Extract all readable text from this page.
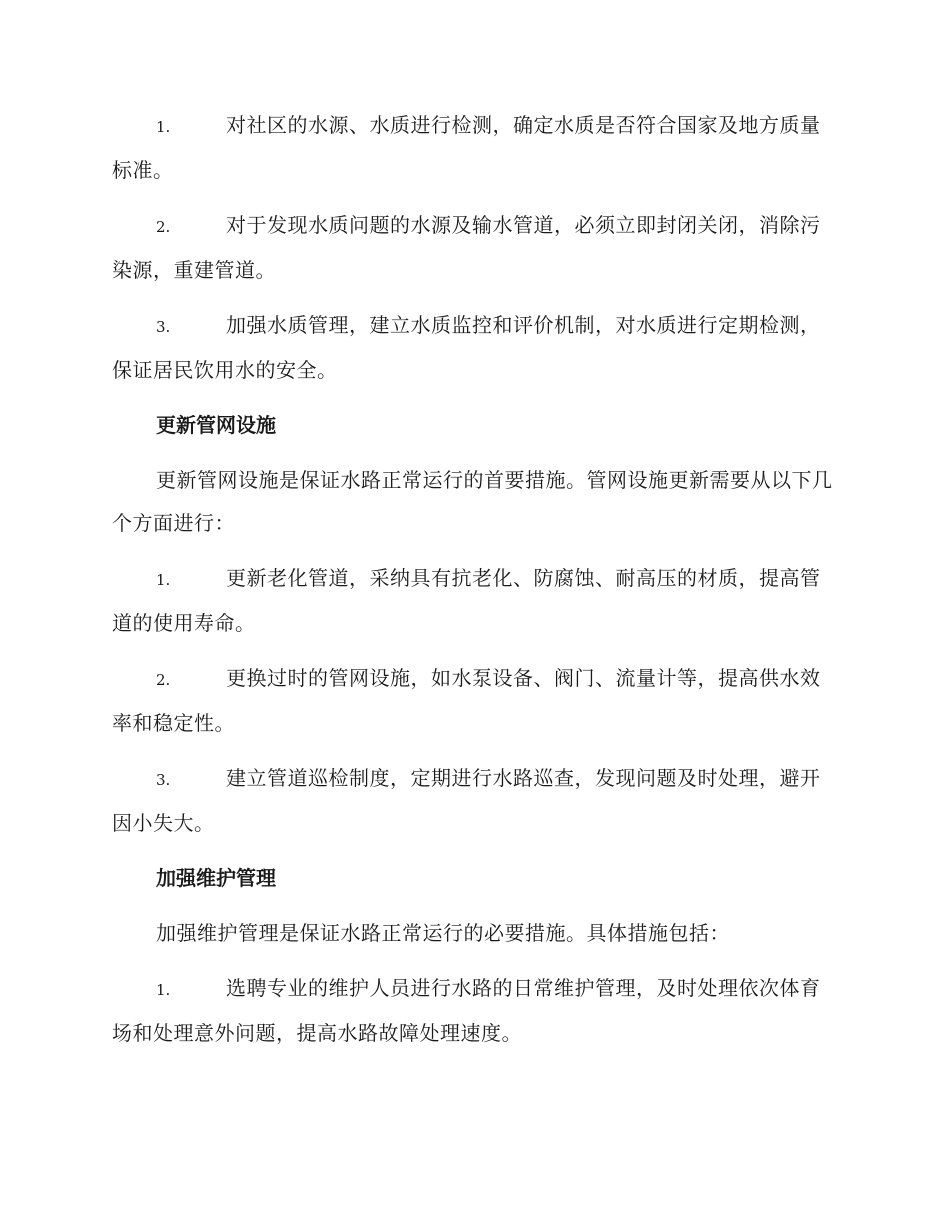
1.	对社区的水源、水质进行检测，确定水质是否符合国家及地方质量标准。

2.	对于发现水质问题的水源及输水管道，必须立即封闭关闭，消除污染源，重建管道。

3.	加强水质管理，建立水质监控和评价机制，对水质进行定期检测，保证居民饮用水的安全。

更新管网设施

更新管网设施是保证水路正常运行的首要措施。管网设施更新需要从以下几个方面进行：

1.	更新老化管道，采纳具有抗老化、防腐蚀、耐高压的材质，提高管道的使用寿命。

2.	更换过时的管网设施，如水泵设备、阀门、流量计等，提高供水效率和稳定性。

3.	建立管道巡检制度，定期进行水路巡查，发现问题及时处理，避开因小失大。

加强维护管理

加强维护管理是保证水路正常运行的必要措施。具体措施包括：

1.	选聘专业的维护人员进行水路的日常维护管理，及时处理依次体育场和处理意外问题，提高水路故障处理速度。
